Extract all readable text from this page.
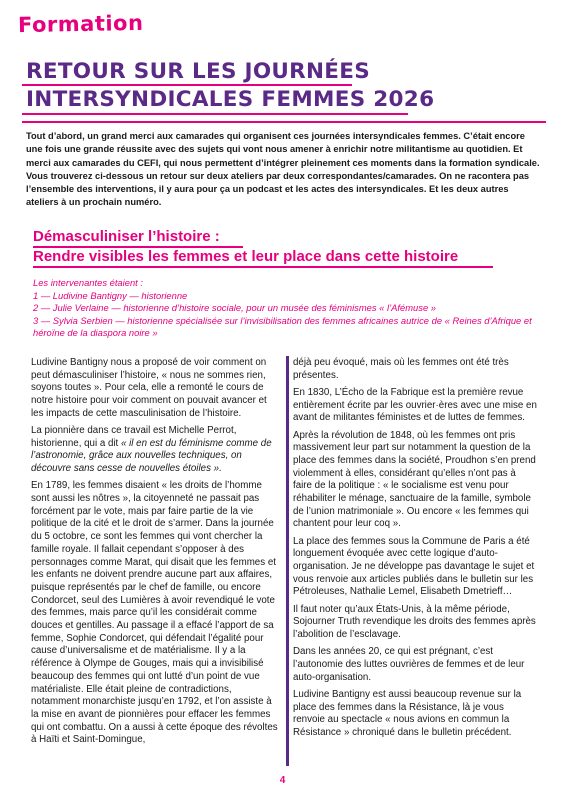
Formation
RETOUR SUR LES JOURNÉES
INTERSYNDICALES FEMMES 2026

Tout d’abord, un grand merci aux camarades qui organisent ces journées intersyndicales femmes. C’était encore une fois une grande réussite avec des sujets qui vont nous amener à enrichir notre militantisme au quotidien. Et merci aux camarades du CEFI, qui nous permettent d’intégrer pleinement ces moments dans la formation syndicale. Vous trouverez ci-dessous un retour sur deux ateliers par deux correspondantes/camarades. On ne racontera pas l’ensemble des interventions, il y aura pour ça un podcast et les actes des intersyndicales. Et les deux autres ateliers à un prochain numéro.

Démasculiniser l’histoire :
Rendre visibles les femmes et leur place dans cette histoire
Les intervenantes étaient :
1 — Ludivine Bantigny — historienne
2 — Julie Verlaine — historienne d’histoire sociale, pour un musée des féminismes « l’Afémuse »
3 — Sylvia Serbien — historienne spécialisée sur l’invisibilisation des femmes africaines autrice de « Reines d’Afrique et héroïne de la diaspora noire »

Ludivine Bantigny nous a proposé de voir comment on peut démasculiniser l’histoire, « nous ne sommes rien, soyons toutes ». Pour cela, elle a remonté le cours de notre histoire pour voir comment on pouvait avancer et les impacts de cette masculinisation de l’histoire.

La pionnière dans ce travail est Michelle Perrot, historienne, qui a dit « il en est du féminisme comme de l’astronomie, grâce aux nouvelles techniques, on découvre sans cesse de nouvelles étoiles ».

En 1789, les femmes disaient « les droits de l’homme sont aussi les nôtres », la citoyenneté ne passait pas forcément par le vote, mais par faire partie de la vie politique de la cité et le droit de s’armer. Dans la journée du 5 octobre, ce sont les femmes qui vont chercher la famille royale. Il fallait cependant s’opposer à des personnages comme Marat, qui disait que les femmes et les enfants ne doivent prendre aucune part aux affaires, puisque représentés par le chef de famille, ou encore Condorcet, seul des Lumières à avoir revendiqué le vote des femmes, mais parce qu’il les considérait comme douces et gentilles. Au passage il a effacé l’apport de sa femme, Sophie Condorcet, qui défendait l’égalité pour cause d’universalisme et de matérialisme. Il y a la référence à Olympe de Gouges, mais qui a invisibilisé beaucoup des femmes qui ont lutté d’un point de vue matérialiste. Elle était pleine de contradictions, notamment monarchiste jusqu’en 1792, et l’on assiste à la mise en avant de pionnières pour effacer les femmes qui ont combattu. On a aussi à cette époque des révoltes à Haïti et Saint-Domingue,

déjà peu évoqué, mais où les femmes ont été très présentes.

En 1830, L’Écho de la Fabrique est la première revue entièrement écrite par les ouvrier·ères avec une mise en avant de militantes féministes et de luttes de femmes.

Après la révolution de 1848, où les femmes ont pris massivement leur part sur notamment la question de la place des femmes dans la société, Proudhon s’en prend violemment à elles, considérant qu’elles n’ont pas à faire de la politique : « le socialisme est venu pour réhabiliter le ménage, sanctuaire de la famille, symbole de l’union matrimoniale ». Ou encore « les femmes qui chantent pour leur coq ».

La place des femmes sous la Commune de Paris a été longuement évoquée avec cette logique d’auto-organisation. Je ne développe pas davantage le sujet et vous renvoie aux articles publiés dans le bulletin sur les Pétroleuses, Nathalie Lemel, Elisabeth Dmetrieff…

Il faut noter qu’aux États-Unis, à la même période, Sojourner Truth revendique les droits des femmes après l’abolition de l’esclavage.

Dans les années 20, ce qui est prégnant, c’est l’autonomie des luttes ouvrières de femmes et de leur auto-organisation.

Ludivine Bantigny est aussi beaucoup revenue sur la place des femmes dans la Résistance, là je vous renvoie au spectacle « nous avions en commun la Résistance » chroniqué dans le bulletin précédent.

4
